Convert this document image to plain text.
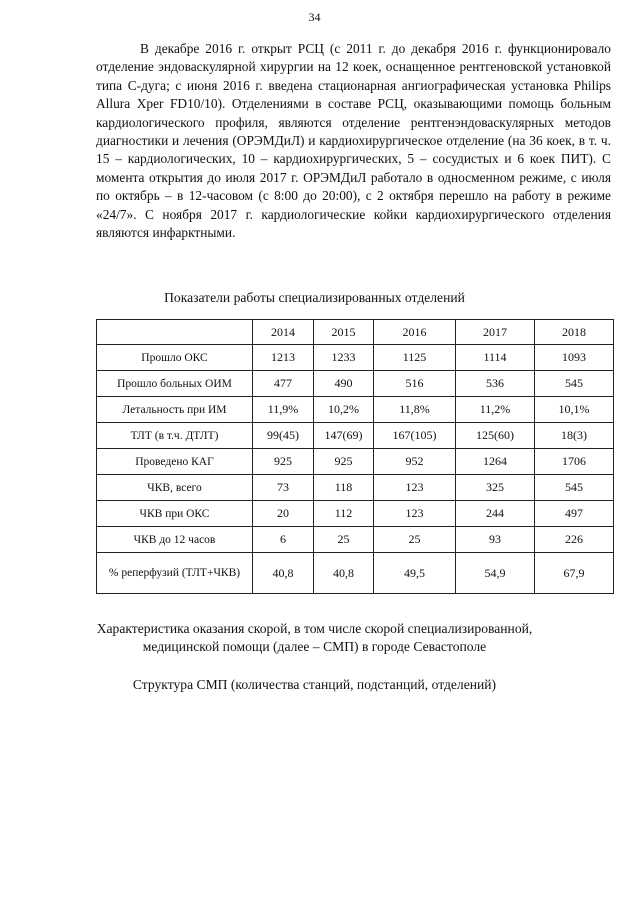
34

В декабре 2016 г. открыт РСЦ (с 2011 г. до декабря 2016 г. функционировало отделение эндоваскулярной хирургии на 12 коек, оснащенное рентгеновской установкой типа С-дуга; с июня 2016 г. введена стационарная ангиографическая установка Philips Allura Xper FD10/10). Отделениями в составе РСЦ, оказывающими помощь больным кардиологического профиля, являются отделение рентгенэндоваскулярных методов диагностики и лечения (ОРЭМДиЛ) и кардиохирургическое отделение (на 36 коек, в т. ч. 15 – кардиологических, 10 – кардиохирургических, 5 – сосудистых и 6 коек ПИТ). С момента открытия до июля 2017 г. ОРЭМДиЛ работало в односменном режиме, с июля по октябрь – в 12-часовом (с 8:00 до 20:00), с 2 октября перешло на работу в режиме «24/7». С ноября 2017 г. кардиологические койки кардиохирургического отделения являются инфарктными.

Показатели работы специализированных отделений

	2014	2015	2016	2017	2018
Прошло ОКС	1213	1233	1125	1114	1093
Прошло больных ОИМ	477	490	516	536	545
Летальность при ИМ	11,9%	10,2%	11,8%	11,2%	10,1%
ТЛТ (в т.ч. ДТЛТ)	99(45)	147(69)	167(105)	125(60)	18(3)
Проведено КАГ	925	925	952	1264	1706
ЧКВ, всего	73	118	123	325	545
ЧКВ при ОКС	20	112	123	244	497
ЧКВ до 12 часов	6	25	25	93	226
% реперфузий (ТЛТ+ЧКВ)	40,8	40,8	49,5	54,9	67,9

Характеристика оказания скорой, в том числе скорой специализированной, медицинской помощи (далее – СМП) в городе Севастополе

Структура СМП (количества станций, подстанций, отделений)
